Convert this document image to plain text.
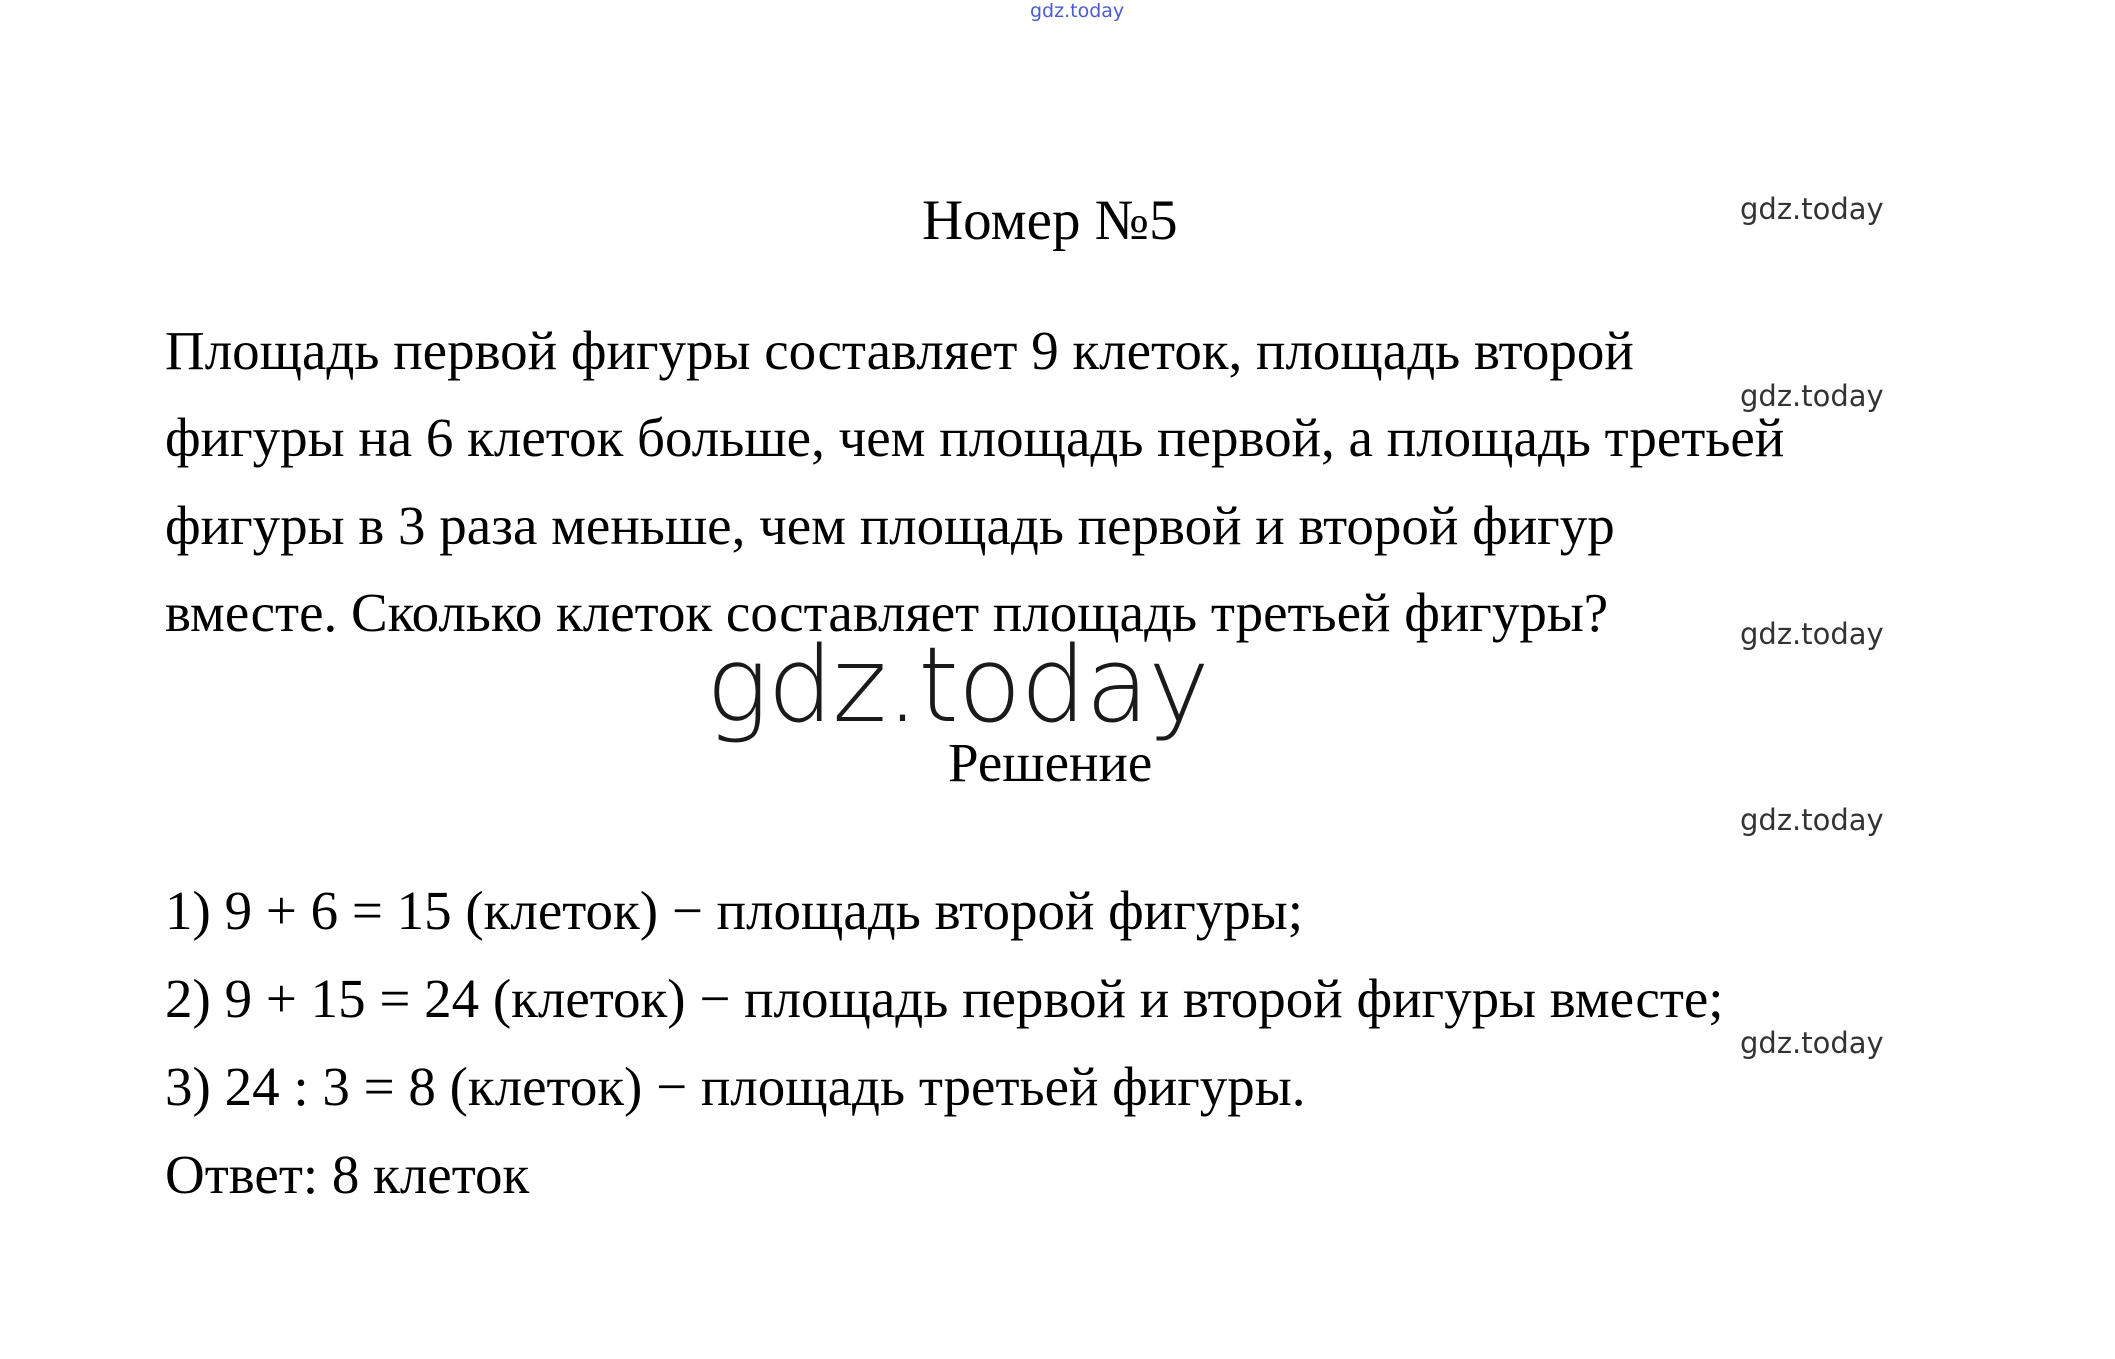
gdz.today
Номер №5	gdz.today
Площадь первой фигуры составляет 9 клеток, площадь второй
gdz.today
фигуры на 6 клеток больше, чем площадь первой, а площадь третьей
фигуры в 3 раза меньше, чем площадь первой и второй фигур
вместе. Сколько клеток составляет площадь третьей фигуры?	gdz.today
gdz.today
Решение
gdz.today
1) 9 + 6 = 15 (клеток) − площадь второй фигуры;
2) 9 + 15 = 24 (клеток) − площадь первой и второй фигуры вместе;
gdz.today
3) 24 : 3 = 8 (клеток) − площадь третьей фигуры.
Ответ: 8 клеток
